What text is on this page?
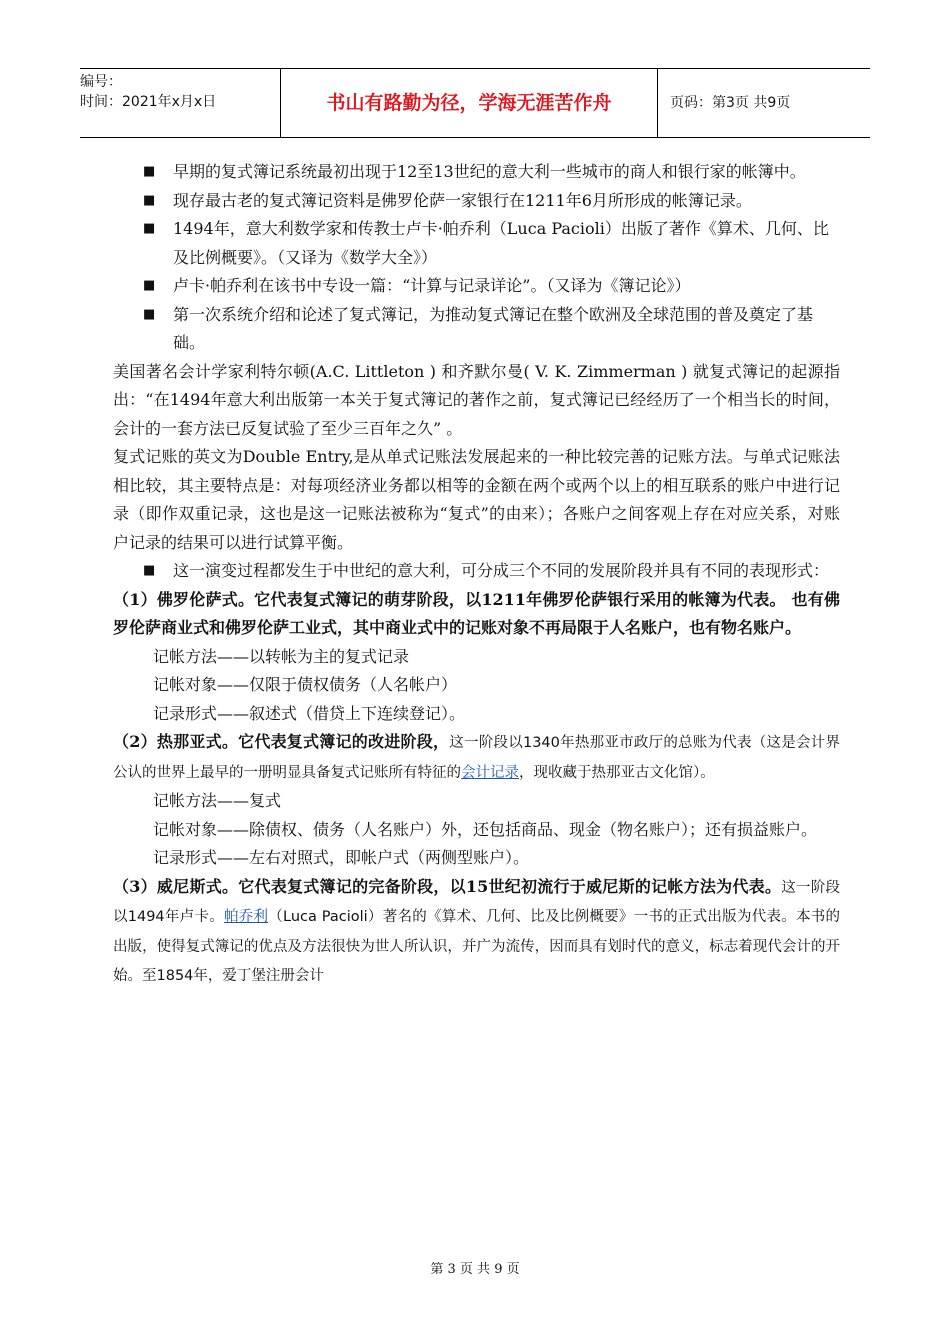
编号：
时间：2021年x月x日	书山有路勤为径，学海无涯苦作舟	页码：第3页 共9页
■ 早期的复式簿记系统最初出现于12至13世纪的意大利一些城市的商人和银行家的帐簿中。
■ 现存最古老的复式簿记资料是佛罗伦萨一家银行在1211年6月所形成的帐簿记录。
■ 1494年，意大利数学家和传教士卢卡·帕乔利（Luca Pacioli）出版了著作《算术、几何、比及比例概要》。（又译为《数学大全》）
■ 卢卡·帕乔利在该书中专设一篇：“计算与记录详论”。（又译为《簿记论》）
■ 第一次系统介绍和论述了复式簿记，为推动复式簿记在整个欧洲及全球范围的普及奠定了基础。
美国著名会计学家利特尔顿(A.C. Littleton ) 和齐默尔曼( V. K. Zimmerman ) 就复式簿记的起源指出：“在1494年意大利出版第一本关于复式簿记的著作之前，复式簿记已经经历了一个相当长的时间，会计的一套方法已反复试验了至少三百年之久” 。
复式记账的英文为Double Entry,是从单式记账法发展起来的一种比较完善的记账方法。与单式记账法相比较，其主要特点是：对每项经济业务都以相等的金额在两个或两个以上的相互联系的账户中进行记录（即作双重记录，这也是这一记账法被称为“复式”的由来）；各账户之间客观上存在对应关系，对账户记录的结果可以进行试算平衡。
■ 这一演变过程都发生于中世纪的意大利，可分成三个不同的发展阶段并具有不同的表现形式：
（1）佛罗伦萨式。它代表复式簿记的萌芽阶段，以1211年佛罗伦萨银行采用的帐簿为代表。 也有佛罗伦萨商业式和佛罗伦萨工业式，其中商业式中的记账对象不再局限于人名账户，也有物名账户。
记帐方法——以转帐为主的复式记录
记帐对象——仅限于债权债务（人名帐户）
记录形式——叙述式（借贷上下连续登记）。
（2）热那亚式。它代表复式簿记的改进阶段，这一阶段以1340年热那亚市政厅的总账为代表（这是会计界公认的世界上最早的一册明显具备复式记账所有特征的会计记录，现收藏于热那亚古文化馆）。
记帐方法——复式
记帐对象——除债权、债务（人名账户）外，还包括商品、现金（物名账户）；还有损益账户。
记录形式——左右对照式，即帐户式（两侧型账户）。
（3）威尼斯式。它代表复式簿记的完备阶段，以15世纪初流行于威尼斯的记帐方法为代表。这一阶段以1494年卢卡。帕乔利（Luca Pacioli）著名的《算术、几何、比及比例概要》一书的正式出版为代表。本书的出版，使得复式簿记的优点及方法很快为世人所认识，并广为流传，因而具有划时代的意义，标志着现代会计的开始。至1854年，爱丁堡注册会计
第 3 页 共 9 页
